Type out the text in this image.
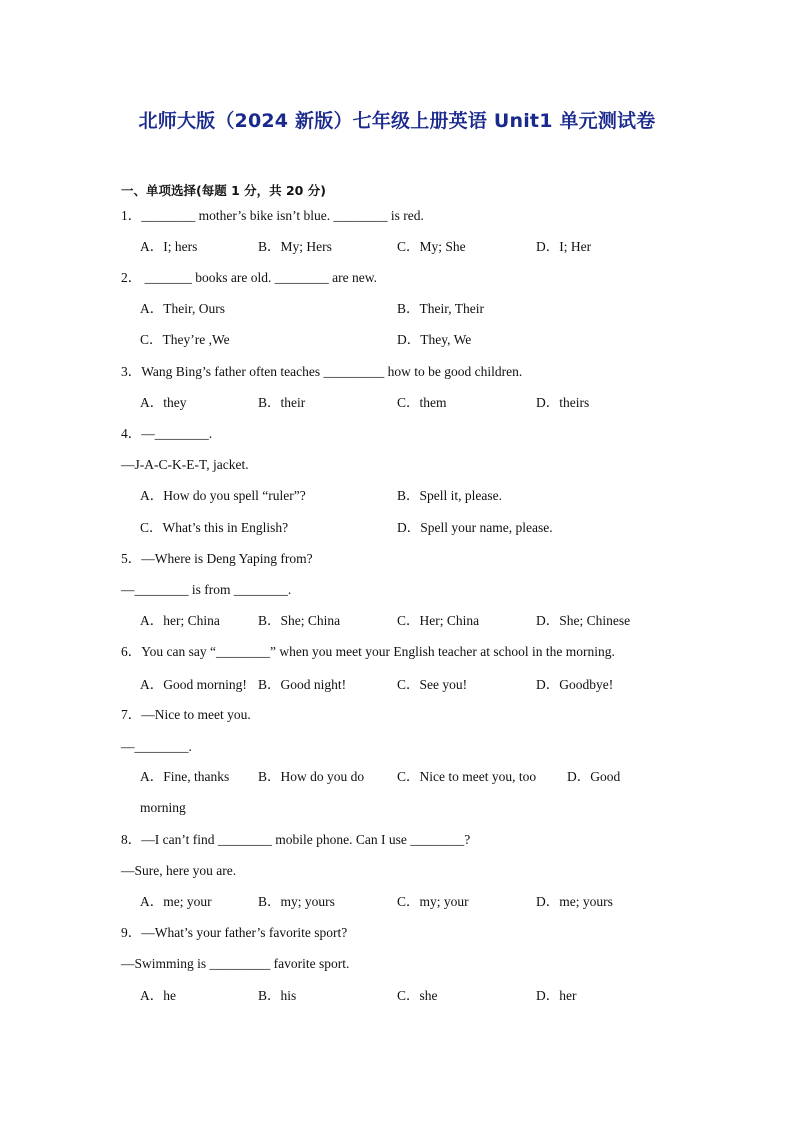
北师大版（2024 新版）七年级上册英语 Unit1 单元测试卷
一、单项选择(每题 1 分，共 20 分)
1．________ mother’s bike isn’t blue. ________ is red.
A．I; hers	B．My; Hers	C．My; She	D．I; Her
2． _______ books are old. ________ are new.
A．Their, Ours	B．Their, Their
C．They’re ,We	D．They, We
3．Wang Bing’s father often teaches _________ how to be good children.
A．they	B．their	C．them	D．theirs
4．—________.
—J-A-C-K-E-T, jacket.
A．How do you spell “ruler”?	B．Spell it, please.
C．What’s this in English?	D．Spell your name, please.
5．—Where is Deng Yaping from?
—________ is from ________.
A．her; China	B．She; China	C．Her; China	D．She; Chinese
6．You can say “________” when you meet your English teacher at school in the morning.
A．Good morning! B．Good night!	C．See you!	D．Goodbye!
7．—Nice to meet you.
—________.
A．Fine, thanks B．How do you do C．Nice to meet you, too D．Good
morning
8．—I can’t find ________ mobile phone. Can I use ________?
—Sure, here you are.
A．me; your	B．my; yours	C．my; your	D．me; yours
9．—What’s your father’s favorite sport?
—Swimming is _________ favorite sport.
A．he	B．his	C．she	D．her
